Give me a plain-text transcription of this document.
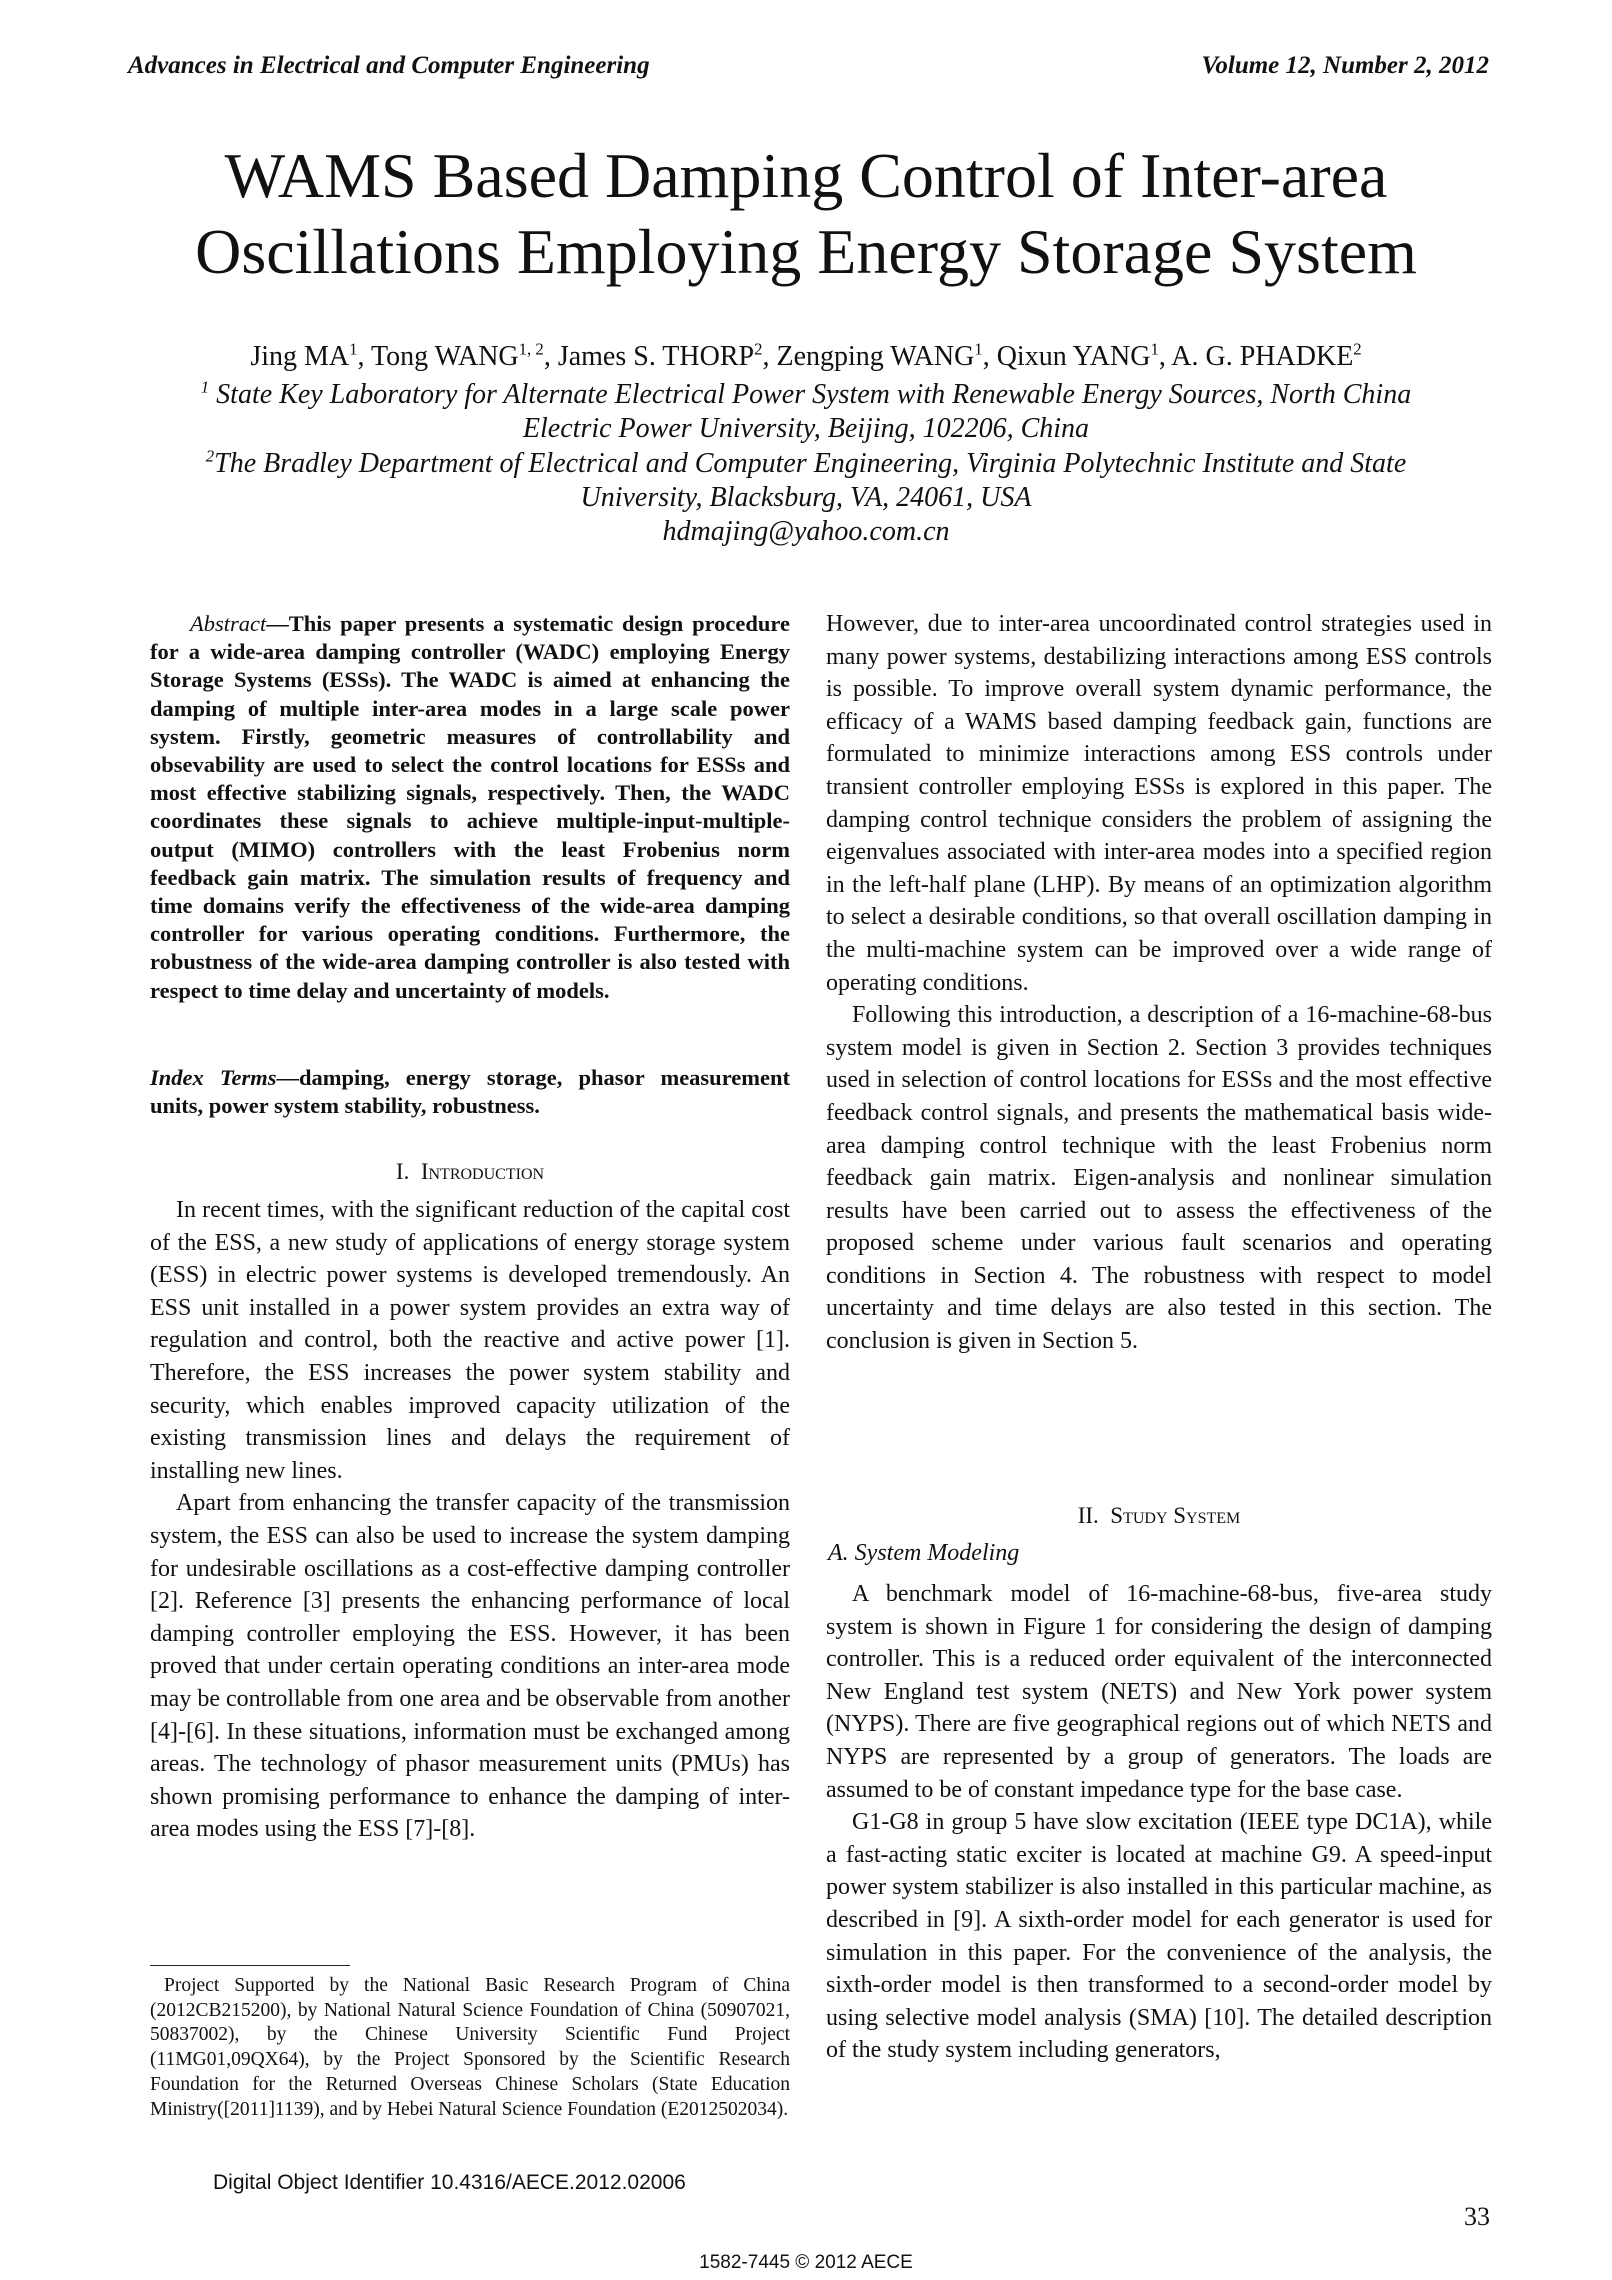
Advances in Electrical and Computer Engineering	Volume 12, Number 2, 2012
WAMS Based Damping Control of Inter-area
Oscillations Employing Energy Storage System
Jing $MA^1$, Tong WANG$^{1, 2}$, James S. THORP$^2$, Zengping WANG$^1$, Qixun YANG$^1$, A. G. PHADKE$^2$
$^1$ State Key Laboratory for Alternate Electrical Power System with Renewable Energy Sources, North China Electric Power University, Beijing, 102206, China
$^2$The Bradley Department of Electrical and Computer Engineering, Virginia Polytechnic Institute and State University, Blacksburg, VA, 24061, USA
hdmajing@yahoo.com.cn
Abstract—This paper presents a systematic design procedure for a wide-area damping controller (WADC) employing Energy Storage Systems (ESSs). The WADC is aimed at enhancing the damping of multiple inter-area modes in a large scale power system. Firstly, geometric measures of controllability and obsevability are used to select the control locations for ESSs and most effective stabilizing signals, respectively. Then, the WADC coordinates these signals to achieve multiple-input-multiple-output (MIMO) controllers with the least Frobenius norm feedback gain matrix. The simulation results of frequency and time domains verify the effectiveness of the wide-area damping controller for various operating conditions. Furthermore, the robustness of the wide-area damping controller is also tested with respect to time delay and uncertainty of models.
Index Terms—damping, energy storage, phasor measurement units, power system stability, robustness.
I. Introduction

In recent times, with the significant reduction of the capital cost of the ESS, a new study of applications of energy storage system (ESS) in electric power systems is developed tremendously. An ESS unit installed in a power system provides an extra way of regulation and control, both the reactive and active power [1]. Therefore, the ESS increases the power system stability and security, which enables improved capacity utilization of the existing transmission lines and delays the requirement of installing new lines.

Apart from enhancing the transfer capacity of the transmission system, the ESS can also be used to increase the system damping for undesirable oscillations as a cost-effective damping controller [2]. Reference [3] presents the enhancing performance of local damping controller employing the ESS. However, it has been proved that under certain operating conditions an inter-area mode may be controllable from one area and be observable from another [4]-[6]. In these situations, information must be exchanged among areas. The technology of phasor measurement units (PMUs) has shown promising performance to enhance the damping of inter-area modes using the ESS [7]-[8].

However, due to inter-area uncoordinated control strategies used in many power systems, destabilizing interactions among ESS controls is possible. To improve overall system dynamic performance, the efficacy of a WAMS based damping feedback gain, functions are formulated to minimize interactions among ESS controls under transient controller employing ESSs is explored in this paper. The damping control technique considers the problem of assigning the eigenvalues associated with inter-area modes into a specified region in the left-half plane (LHP). By means of an optimization algorithm to select a desirable conditions, so that overall oscillation damping in the multi-machine system can be improved over a wide range of operating conditions.

Following this introduction, a description of a 16-machine-68-bus system model is given in Section 2. Section 3 provides techniques used in selection of control locations for ESSs and the most effective feedback control signals, and presents the mathematical basis wide-area damping control technique with the least Frobenius norm feedback gain matrix. Eigen-analysis and nonlinear simulation results have been carried out to assess the effectiveness of the proposed scheme under various fault scenarios and operating conditions in Section 4. The robustness with respect to model uncertainty and time delays are also tested in this section. The conclusion is given in Section 5.

II. Study System
A. System Modeling

A benchmark model of 16-machine-68-bus, five-area study system is shown in Figure 1 for considering the design of damping controller. This is a reduced order equivalent of the interconnected New England test system (NETS) and New York power system (NYPS). There are five geographical regions out of which NETS and NYPS are represented by a group of generators. The loads are assumed to be of constant impedance type for the base case.

G1-G8 in group 5 have slow excitation (IEEE type DC1A), while a fast-acting static exciter is located at machine G9. A speed-input power system stabilizer is also installed in this particular machine, as described in [9]. A sixth-order model for each generator is used for simulation in this paper. For the convenience of the analysis, the sixth-order model is then transformed to a second-order model by using selective model analysis (SMA) [10]. The detailed description of the study system including generators,

Project Supported by the National Basic Research Program of China (2012CB215200), by National Natural Science Foundation of China (50907021, 50837002), by the Chinese University Scientific Fund Project (11MG01,09QX64), by the Project Sponsored by the Scientific Research Foundation for the Returned Overseas Chinese Scholars (State Education Ministry([2011]1139), and by Hebei Natural Science Foundation (E2012502034).
Digital Object Identifier 10.4316/AECE.2012.02006
33
1582-7445 © 2012 AECE
